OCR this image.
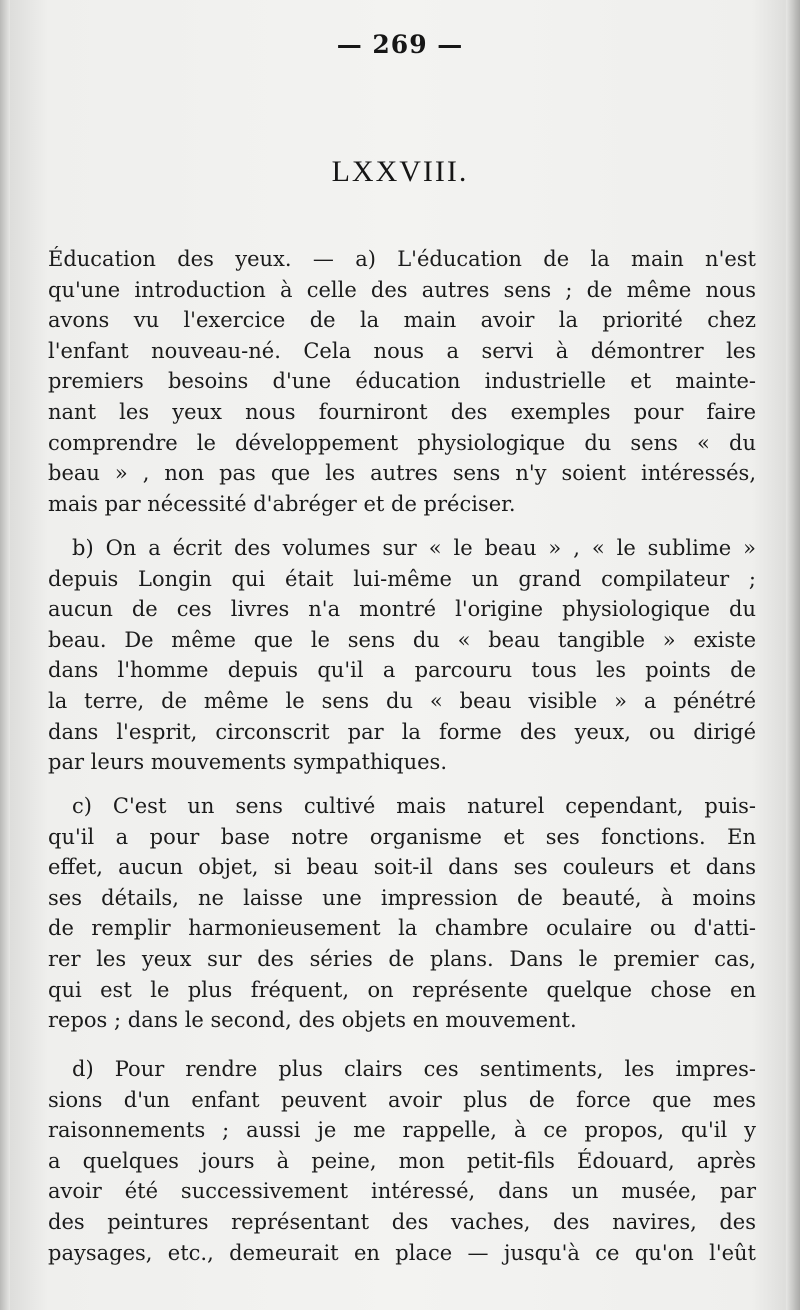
— 269 —
LXXVIII.
Éducation des yeux. — a) L'éducation de la main n'est
qu'une introduction à celle des autres sens ; de même nous
avons vu l'exercice de la main avoir la priorité chez
l'enfant nouveau-né. Cela nous a servi à démontrer les
premiers besoins d'une éducation industrielle et mainte-
nant les yeux nous fourniront des exemples pour faire
comprendre le développement physiologique du sens « du
beau » , non pas que les autres sens n'y soient intéressés,
mais par nécessité d'abréger et de préciser.
b) On a écrit des volumes sur « le beau » , « le sublime »
depuis Longin qui était lui-même un grand compilateur ;
aucun de ces livres n'a montré l'origine physiologique du
beau. De même que le sens du « beau tangible » existe
dans l'homme depuis qu'il a parcouru tous les points de
la terre, de même le sens du « beau visible » a pénétré
dans l'esprit, circonscrit par la forme des yeux, ou dirigé
par leurs mouvements sympathiques.
c) C'est un sens cultivé mais naturel cependant, puis-
qu'il a pour base notre organisme et ses fonctions. En
effet, aucun objet, si beau soit-il dans ses couleurs et dans
ses détails, ne laisse une impression de beauté, à moins
de remplir harmonieusement la chambre oculaire ou d'atti-
rer les yeux sur des séries de plans. Dans le premier cas,
qui est le plus fréquent, on représente quelque chose en
repos ; dans le second, des objets en mouvement.
d) Pour rendre plus clairs ces sentiments, les impres-
sions d'un enfant peuvent avoir plus de force que mes
raisonnements ; aussi je me rappelle, à ce propos, qu'il y
a quelques jours à peine, mon petit-fils Édouard, après
avoir été successivement intéressé, dans un musée, par
des peintures représentant des vaches, des navires, des
paysages, etc., demeurait en place — jusqu'à ce qu'on l'eût
